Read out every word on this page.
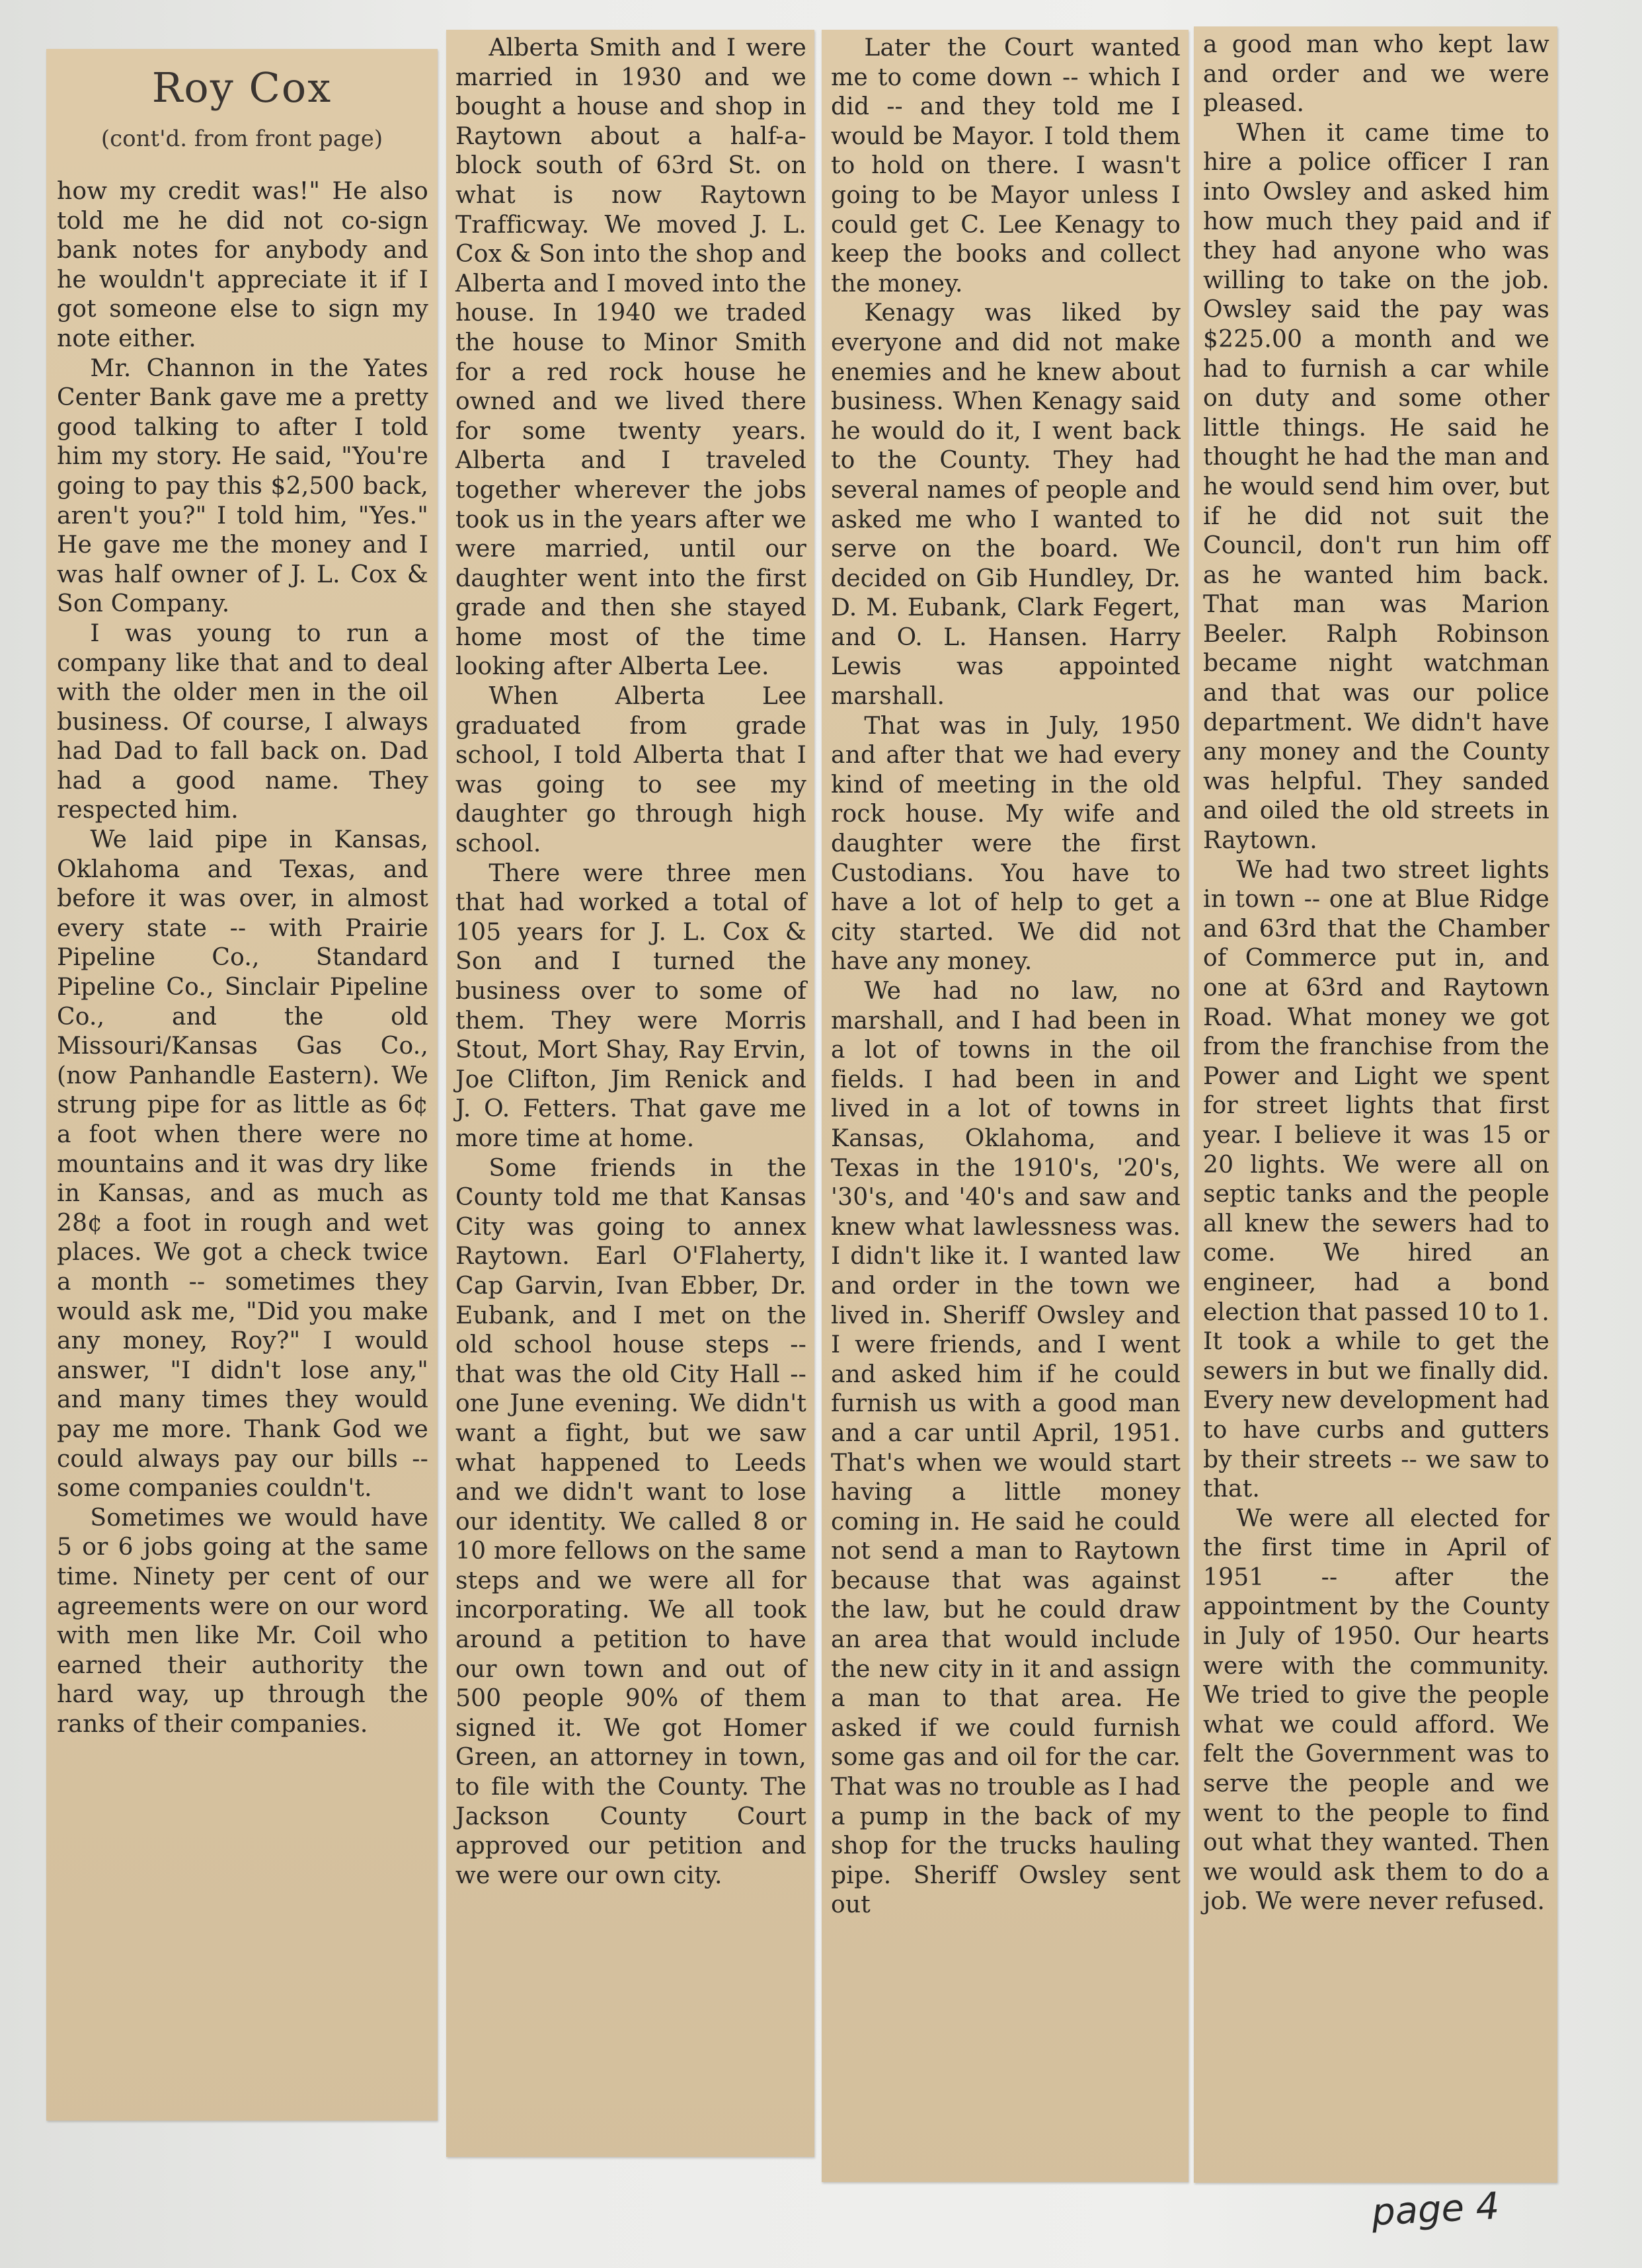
Roy Cox
(cont'd. from front page)

how my credit was!" He also told me he did not co-sign bank notes for anybody and he wouldn't appreciate it if I got someone else to sign my note either.

Mr. Channon in the Yates Center Bank gave me a pretty good talking to after I told him my story. He said, "You're going to pay this $2,500 back, aren't you?" I told him, "Yes." He gave me the money and I was half owner of J. L. Cox & Son Company.

I was young to run a company like that and to deal with the older men in the oil business. Of course, I always had Dad to fall back on. Dad had a good name. They respected him.

We laid pipe in Kansas, Oklahoma and Texas, and before it was over, in almost every state -- with Prairie Pipeline Co., Standard Pipeline Co., Sinclair Pipeline Co., and the old Missouri/Kansas Gas Co., (now Panhandle Eastern). We strung pipe for as little as 6¢ a foot when there were no mountains and it was dry like in Kansas, and as much as 28¢ a foot in rough and wet places. We got a check twice a month -- sometimes they would ask me, "Did you make any money, Roy?" I would answer, "I didn't lose any," and many times they would pay me more. Thank God we could always pay our bills -- some companies couldn't.

Sometimes we would have 5 or 6 jobs going at the same time. Ninety per cent of our agreements were on our word with men like Mr. Coil who earned their authority the hard way, up through the ranks of their companies.

Alberta Smith and I were married in 1930 and we bought a house and shop in Raytown about a half-a-block south of 63rd St. on what is now Raytown Trafficway. We moved J. L. Cox & Son into the shop and Alberta and I moved into the house. In 1940 we traded the house to Minor Smith for a red rock house he owned and we lived there for some twenty years. Alberta and I traveled together wherever the jobs took us in the years after we were married, until our daughter went into the first grade and then she stayed home most of the time looking after Alberta Lee.

When Alberta Lee graduated from grade school, I told Alberta that I was going to see my daughter go through high school.

There were three men that had worked a total of 105 years for J. L. Cox & Son and I turned the business over to some of them. They were Morris Stout, Mort Shay, Ray Ervin, Joe Clifton, Jim Renick and J. O. Fetters. That gave me more time at home.

Some friends in the County told me that Kansas City was going to annex Raytown. Earl O'Flaherty, Cap Garvin, Ivan Ebber, Dr. Eubank, and I met on the old school house steps -- that was the old City Hall -- one June evening. We didn't want a fight, but we saw what happened to Leeds and we didn't want to lose our identity. We called 8 or 10 more fellows on the same steps and we were all for incorporating. We all took around a petition to have our own town and out of 500 people 90% of them signed it. We got Homer Green, an attorney in town, to file with the County. The Jackson County Court approved our petition and we were our own city.

Later the Court wanted me to come down -- which I did -- and they told me I would be Mayor. I told them to hold on there. I wasn't going to be Mayor unless I could get C. Lee Kenagy to keep the books and collect the money.

Kenagy was liked by everyone and did not make enemies and he knew about business. When Kenagy said he would do it, I went back to the County. They had several names of people and asked me who I wanted to serve on the board. We decided on Gib Hundley, Dr. D. M. Eubank, Clark Fegert, and O. L. Hansen. Harry Lewis was appointed marshall.

That was in July, 1950 and after that we had every kind of meeting in the old rock house. My wife and daughter were the first Custodians. You have to have a lot of help to get a city started. We did not have any money.

We had no law, no marshall, and I had been in a lot of towns in the oil fields. I had been in and lived in a lot of towns in Kansas, Oklahoma, and Texas in the 1910's, '20's, '30's, and '40's and saw and knew what lawlessness was. I didn't like it. I wanted law and order in the town we lived in. Sheriff Owsley and I were friends, and I went and asked him if he could furnish us with a good man and a car until April, 1951. That's when we would start having a little money coming in. He said he could not send a man to Raytown because that was against the law, but he could draw an area that would include the new city in it and assign a man to that area. He asked if we could furnish some gas and oil for the car. That was no trouble as I had a pump in the back of my shop for the trucks hauling pipe. Sheriff Owsley sent out

a good man who kept law and order and we were pleased.

When it came time to hire a police officer I ran into Owsley and asked him how much they paid and if they had anyone who was willing to take on the job. Owsley said the pay was $225.00 a month and we had to furnish a car while on duty and some other little things. He said he thought he had the man and he would send him over, but if he did not suit the Council, don't run him off as he wanted him back. That man was Marion Beeler. Ralph Robinson became night watchman and that was our police department. We didn't have any money and the County was helpful. They sanded and oiled the old streets in Raytown.

We had two street lights in town -- one at Blue Ridge and 63rd that the Chamber of Commerce put in, and one at 63rd and Raytown Road. What money we got from the franchise from the Power and Light we spent for street lights that first year. I believe it was 15 or 20 lights. We were all on septic tanks and the people all knew the sewers had to come. We hired an engineer, had a bond election that passed 10 to 1. It took a while to get the sewers in but we finally did. Every new development had to have curbs and gutters by their streets -- we saw to that.

We were all elected for the first time in April of 1951 -- after the appointment by the County in July of 1950. Our hearts were with the community. We tried to give the people what we could afford. We felt the Government was to serve the people and we went to the people to find out what they wanted. Then we would ask them to do a job. We were never refused.

page 4
